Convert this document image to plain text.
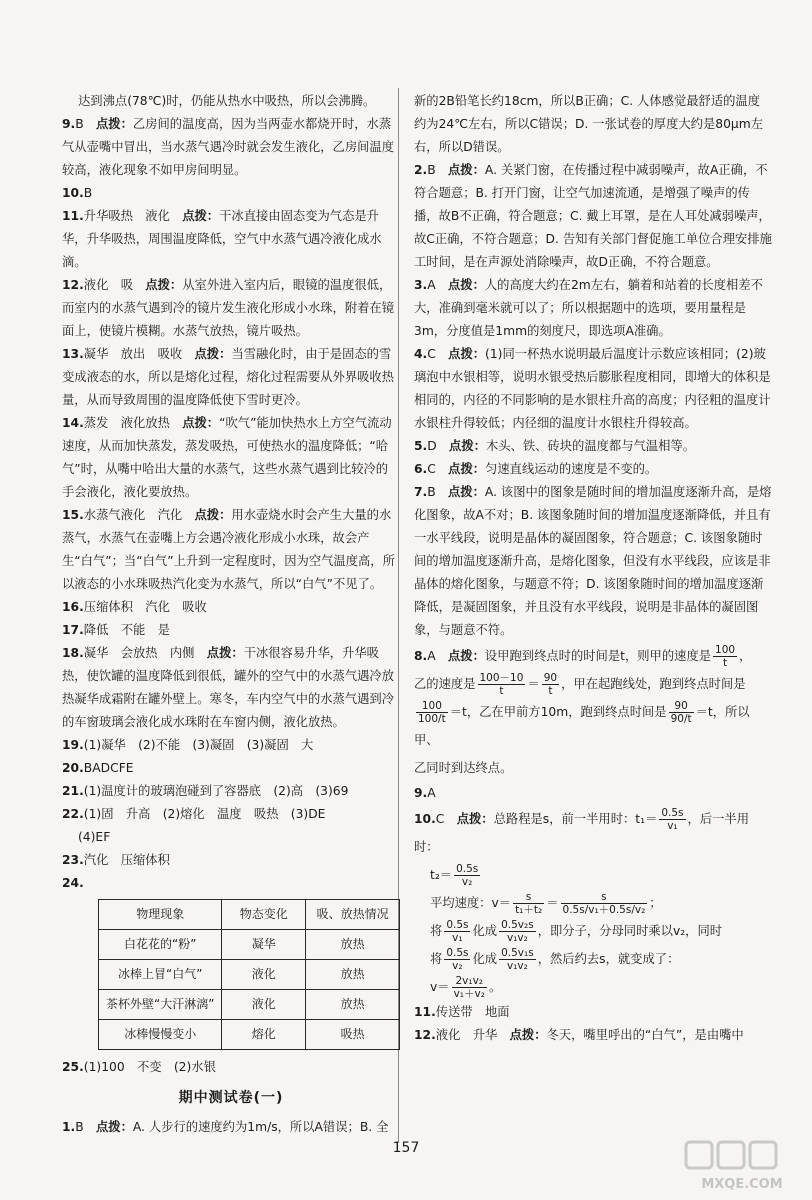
达到沸点(78℃)时，仍能从热水中吸热，所以会沸腾。

9.B　 点拨：乙房间的温度高，因为当两壶水都烧开时，水蒸气从壶嘴中冒出，当水蒸气遇冷时就会发生液化，乙房间温度较高，液化现象不如甲房间明显。

10.B

11.升华吸热　液化　 点拨：干冰直接由固态变为气态是升华，升华吸热，周围温度降低，空气中水蒸气遇冷液化成水滴。

12.液化　吸　 点拨：从室外进入室内后，眼镜的温度很低，而室内的水蒸气遇到冷的镜片发生液化形成小水珠，附着在镜面上，使镜片模糊。水蒸气放热，镜片吸热。

13.凝华　放出　吸收　 点拨：当雪融化时，由于是固态的雪变成液态的水，所以是熔化过程，熔化过程需要从外界吸收热量，从而导致周围的温度降低使下雪时更冷。

14.蒸发　液化放热　 点拨：“吹气”能加快热水上方空气流动速度，从而加快蒸发，蒸发吸热，可使热水的温度降低；“哈气”时，从嘴中哈出大量的水蒸气，这些水蒸气遇到比较冷的手会液化，液化要放热。

15.水蒸气液化　汽化　 点拨：用水壶烧水时会产生大量的水蒸气，水蒸气在壶嘴上方会遇冷液化形成小水珠，故会产生“白气”；当“白气”上升到一定程度时，因为空气温度高，所以液态的小水珠吸热汽化变为水蒸气，所以“白气”不见了。

16.压缩体积　汽化　吸收

17.降低　不能　是

18.凝华　会放热　内侧　 点拨：干冰很容易升华，升华吸热，使饮罐的温度降低到很低，罐外的空气中的水蒸气遇冷放热凝华成霜附在罐外壁上。寒冬，车内空气中的水蒸气遇到冷的车窗玻璃会液化成水珠附在车窗内侧，液化放热。

19.(1)凝华　(2)不能　(3)凝固　(3)凝固　大

20.BADCFE

21.(1)温度计的玻璃泡碰到了容器底　(2)高　(3)69

22.(1)固　升高　(2)熔化　温度　吸热　(3)DE

(4)EF

23.汽化　压缩体积

24.

物理现象	物态变化	吸、放热情况
白花花的“粉”	凝华	放热
冰棒上冒“白气”	液化	放热
茶杯外壁“大汗淋漓”	液化	放热
冰棒慢慢变小	熔化	吸热

25.(1)100　不变　(2)水银

期中测试卷(一)

1.B　 点拨：A. 人步行的速度约为1m/s，所以A错误；B. 全

新的2B铅笔长约18cm，所以B正确；C. 人体感觉最舒适的温度约为24℃左右，所以C错误；D. 一张试卷的厚度大约是80μm左右，所以D错误。

2.B　 点拨：A. 关紧门窗，在传播过程中减弱噪声，故A正确，不符合题意；B. 打开门窗，让空气加速流通，是增强了噪声的传播，故B不正确，符合题意；C. 戴上耳罩，是在人耳处减弱噪声，故C正确，不符合题意；D. 告知有关部门督促施工单位合理安排施工时间，是在声源处消除噪声，故D正确，不符合题意。

3.A　 点拨：人的高度大约在2m左右，躺着和站着的长度相差不大，准确到毫米就可以了；所以根据题中的选项，要用量程是3m，分度值是1mm的刻度尺，即选项A准确。

4.C　 点拨：(1)同一杯热水说明最后温度计示数应该相同；(2)玻璃泡中水银相等，说明水银受热后膨胀程度相同，即增大的体积是相同的，内径的不同影响的是水银柱升高的高度；内径粗的温度计水银柱升得较低；内径细的温度计水银柱升得较高。

5.D　 点拨：木头、铁、砖块的温度都与气温相等。

6.C　 点拨：匀速直线运动的速度是不变的。

7.B　 点拨：A. 该图中的图象是随时间的增加温度逐渐升高，是熔化图象，故A不对；B. 该图象随时间的增加温度逐渐降低，并且有一水平线段，说明是晶体的凝固图象，符合题意；C. 该图象随时间的增加温度逐渐升高，是熔化图象，但没有水平线段，应该是非晶体的熔化图象，与题意不符；D. 该图象随时间的增加温度逐渐降低，是凝固图象，并且没有水平线段，说明是非晶体的凝固图象，与题意不符。

8.A　 点拨：设甲跑到终点时的时间是t，则甲的速度是 $\frac{100}{t}$ ，
乙的速度是 $\frac{100-10}{t} = \frac{90}{t}$ ，甲在起跑线处，跑到终点时间是
$\frac{100}{100/t} =t$，乙在甲前方10m，跑到终点时间是 $\frac{90}{90/t} =t$，所以甲、
乙同时到达终点。

9.A

10.C　 点拨：总路程是s，前一半用时：$t_1= \frac{0.5s}{\text{v₁}}$ ，后一半用时：
$t_2= \frac{0.5s}{\text{v₂}}$
平均速度：$v= \frac{s}{\text{t₁＋t₂}} = \frac{s}{\text{0.5s/v₁＋0.5s/v₂}}$ ；
将 $\frac{0.5s}{\text{v₁}}$ 化成 $\frac{\text{0.5v₂s}}{\text{v₁v₂}}$ ，即分子，分母同时乘以v₂，同时
将 $\frac{0.5s}{\text{v₂}}$ 化成 $\frac{\text{0.5v₁s}}{\text{v₁v₂}}$ ，然后约去s，就变成了：
$v= \frac{\text{2v₁v₂}}{\text{v₁＋v₂}}$ 。

11.传送带　地面

12.液化　升华　 点拨：冬天，嘴里呼出的“白气”，是由嘴中

157
MXQE.COM
